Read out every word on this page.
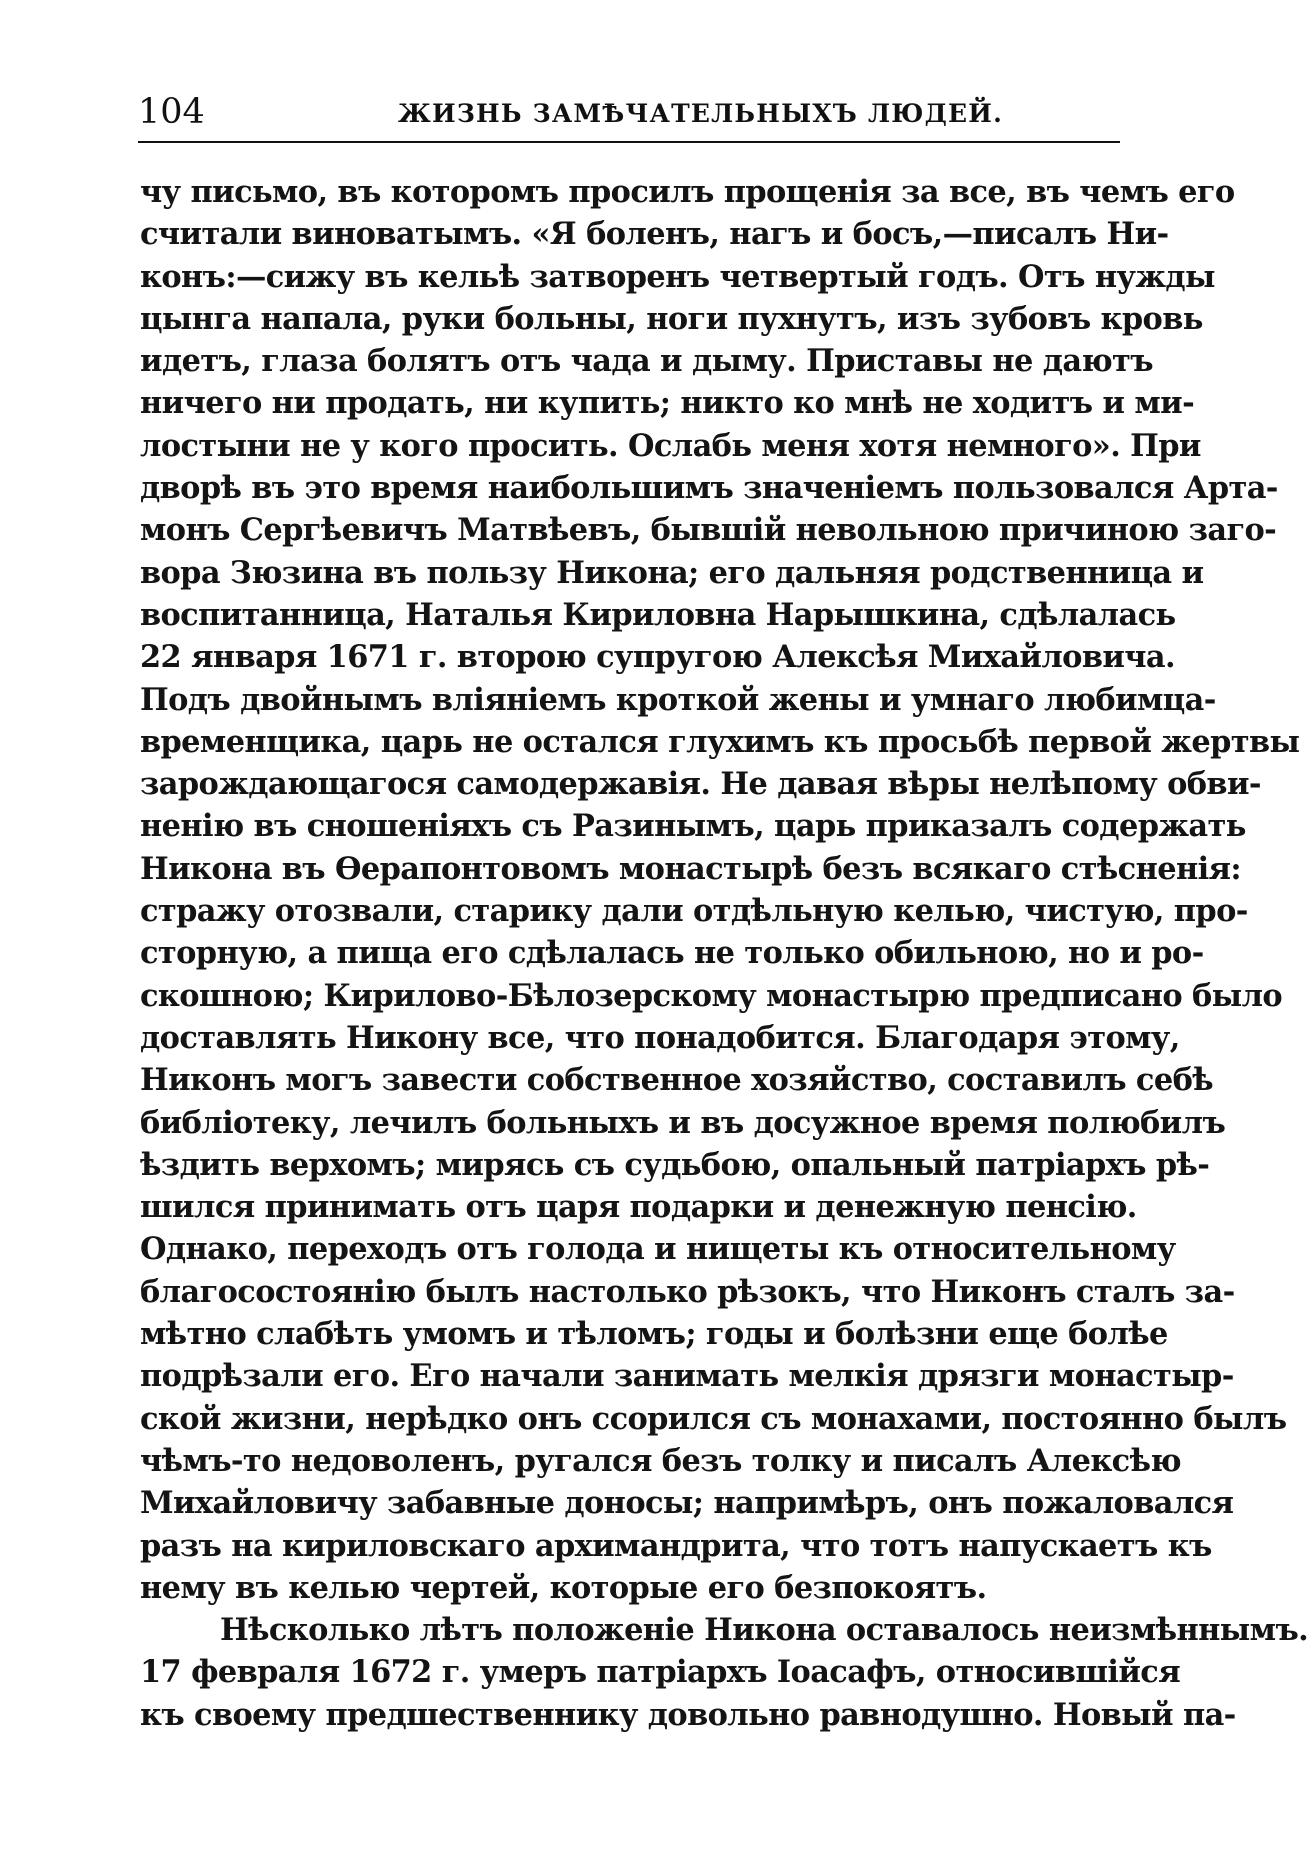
104	ЖИЗНЬ ЗАМѢЧАТЕЛЬНЫХЪ ЛЮДЕЙ.
чу письмо, въ которомъ просилъ прощенія за все, въ чемъ его
считали виноватымъ. «Я боленъ, нагъ и босъ,—писалъ Ни-
конъ:—сижу въ кельѣ затворенъ четвертый годъ. Отъ нужды
цынга напала, руки больны, ноги пухнутъ, изъ зубовъ кровь
идетъ, глаза болятъ отъ чада и дыму. Приставы не даютъ
ничего ни продать, ни купить; никто ко мнѣ не ходитъ и ми-
лостыни не у кого просить. Ослабь меня хотя немного». При
дворѣ въ это время наибольшимъ значеніемъ пользовался Арта-
монъ Сергѣевичъ Матвѣевъ, бывшій невольною причиною заго-
вора Зюзина въ пользу Никона; его дальняя родственница и
воспитанница, Наталья Кириловна Нарышкина, сдѣлалась
22 января 1671 г. второю супругою Алексѣя Михайловича.
Подъ двойнымъ вліяніемъ кроткой жены и умнаго любимца-
временщика, царь не остался глухимъ къ просьбѣ первой жертвы
зарождающагося самодержавія. Не давая вѣры нелѣпому обви-
ненію въ сношеніяхъ съ Разинымъ, царь приказалъ содержать
Никона въ Ѳерапонтовомъ монастырѣ безъ всякаго стѣсненія:
стражу отозвали, старику дали отдѣльную келью, чистую, про-
сторную, а пища его сдѣлалась не только обильною, но и ро-
скошною; Кирилово-Бѣлозерскому монастырю предписано было
доставлять Никону все, что понадобится. Благодаря этому,
Никонъ могъ завести собственное хозяйство, составилъ себѣ
библіотеку, лечилъ больныхъ и въ досужное время полюбилъ
ѣздить верхомъ; мирясь съ судьбою, опальный патріархъ рѣ-
шился принимать отъ царя подарки и денежную пенсію.
Однако, переходъ отъ голода и нищеты къ относительному
благосостоянію былъ настолько рѣзокъ, что Никонъ сталъ за-
мѣтно слабѣть умомъ и тѣломъ; годы и болѣзни еще болѣе
подрѣзали его. Его начали занимать мелкія дрязги монастыр-
ской жизни, нерѣдко онъ ссорился съ монахами, постоянно былъ
чѣмъ-то недоволенъ, ругался безъ толку и писалъ Алексѣю
Михайловичу забавные доносы; напримѣръ, онъ пожаловался
разъ на кириловскаго архимандрита, что тотъ напускаетъ къ
нему въ келью чертей, которые его безпокоятъ.
Нѣсколько лѣтъ положеніе Никона оставалось неизмѣннымъ.
17 февраля 1672 г. умеръ патріархъ Іоасафъ, относившійся
къ своему предшественнику довольно равнодушно. Новый па-
